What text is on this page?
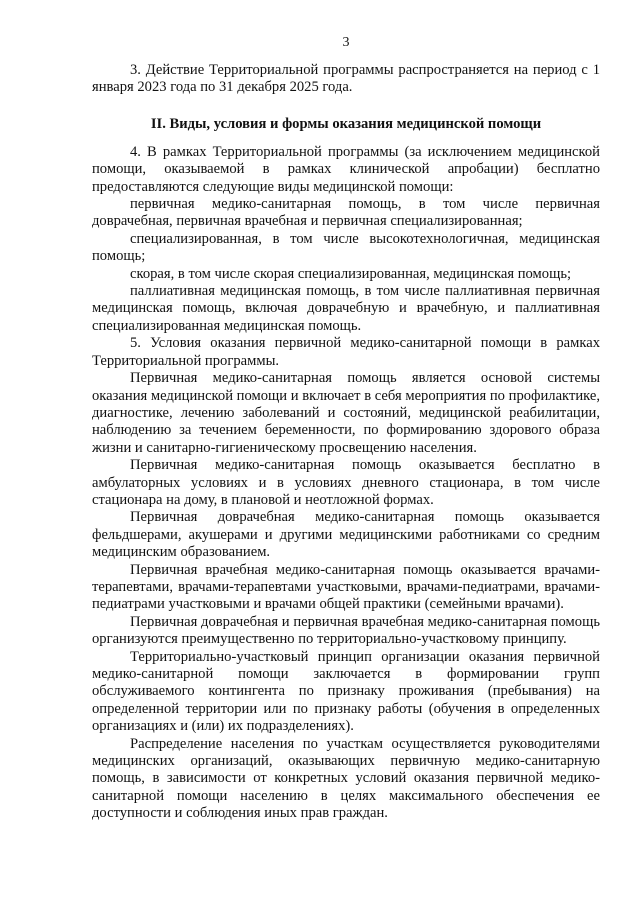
3

3. Действие Территориальной программы распространяется на период с 1 января 2023 года по 31 декабря 2025 года.

II. Виды, условия и формы оказания медицинской помощи

4. В рамках Территориальной программы (за исключением медицинской помощи, оказываемой в рамках клинической апробации) бесплатно предоставляются следующие виды медицинской помощи:

первичная медико-санитарная помощь, в том числе первичная доврачебная, первичная врачебная и первичная специализированная;

специализированная, в том числе высокотехнологичная, медицинская помощь;

скорая, в том числе скорая специализированная, медицинская помощь;

паллиативная медицинская помощь, в том числе паллиативная первичная медицинская помощь, включая доврачебную и врачебную, и паллиативная специализированная медицинская помощь.

5. Условия оказания первичной медико-санитарной помощи в рамках Территориальной программы.

Первичная медико-санитарная помощь является основой системы оказания медицинской помощи и включает в себя мероприятия по профилактике, диагностике, лечению заболеваний и состояний, медицинской реабилитации, наблюдению за течением беременности, по формированию здорового образа жизни и санитарно-гигиеническому просвещению населения.

Первичная медико-санитарная помощь оказывается бесплатно в амбулаторных условиях и в условиях дневного стационара, в том числе стационара на дому, в плановой и неотложной формах.

Первичная доврачебная медико-санитарная помощь оказывается фельдшерами, акушерами и другими медицинскими работниками со средним медицинским образованием.

Первичная врачебная медико-санитарная помощь оказывается врачами-терапевтами, врачами-терапевтами участковыми, врачами-педиатрами, врачами-педиатрами участковыми и врачами общей практики (семейными врачами).

Первичная доврачебная и первичная врачебная медико-санитарная помощь организуются преимущественно по территориально-участковому принципу.

Территориально-участковый принцип организации оказания первичной медико-санитарной помощи заключается в формировании групп обслуживаемого контингента по признаку проживания (пребывания) на определенной территории или по признаку работы (обучения в определенных организациях и (или) их подразделениях).

Распределение населения по участкам осуществляется руководителями медицинских организаций, оказывающих первичную медико-санитарную помощь, в зависимости от конкретных условий оказания первичной медико-санитарной помощи населению в целях максимального обеспечения ее доступности и соблюдения иных прав граждан.
